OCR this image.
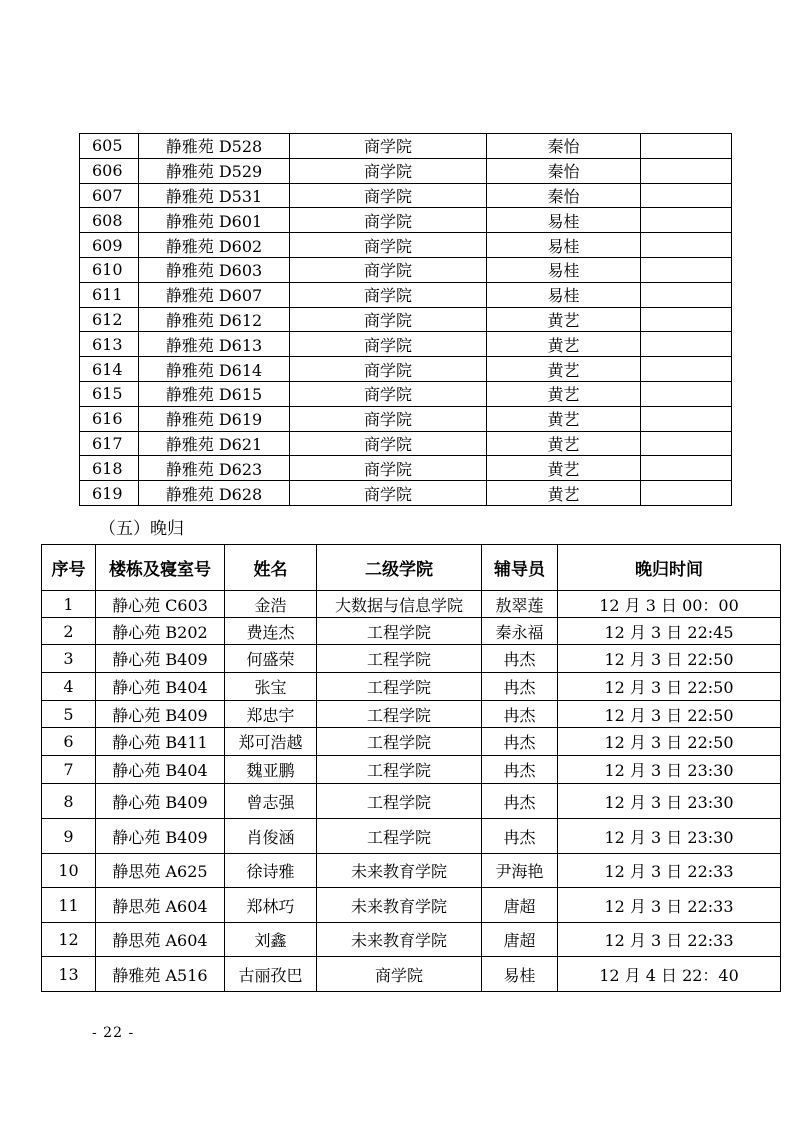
605	静雅苑 D528	商学院	秦怡	
606	静雅苑 D529	商学院	秦怡	
607	静雅苑 D531	商学院	秦怡	
608	静雅苑 D601	商学院	易桂	
609	静雅苑 D602	商学院	易桂	
610	静雅苑 D603	商学院	易桂	
611	静雅苑 D607	商学院	易桂	
612	静雅苑 D612	商学院	黄艺	
613	静雅苑 D613	商学院	黄艺	
614	静雅苑 D614	商学院	黄艺	
615	静雅苑 D615	商学院	黄艺	
616	静雅苑 D619	商学院	黄艺	
617	静雅苑 D621	商学院	黄艺	
618	静雅苑 D623	商学院	黄艺	
619	静雅苑 D628	商学院	黄艺	
（五）晚归
序号	楼栋及寝室号	姓名	二级学院	辅导员	晚归时间
1	静心苑 C603	金浩	大数据与信息学院	敖翠莲	12 月 3 日 00：00
2	静心苑 B202	费连杰	工程学院	秦永福	12 月 3 日 22:45
3	静心苑 B409	何盛荣	工程学院	冉杰	12 月 3 日 22:50
4	静心苑 B404	张宝	工程学院	冉杰	12 月 3 日 22:50
5	静心苑 B409	郑忠宇	工程学院	冉杰	12 月 3 日 22:50
6	静心苑 B411	郑可浩越	工程学院	冉杰	12 月 3 日 22:50
7	静心苑 B404	魏亚鹏	工程学院	冉杰	12 月 3 日 23:30
8	静心苑 B409	曾志强	工程学院	冉杰	12 月 3 日 23:30
9	静心苑 B409	肖俊涵	工程学院	冉杰	12 月 3 日 23:30
10	静思苑 A625	徐诗雅	未来教育学院	尹海艳	12 月 3 日 22:33
11	静思苑 A604	郑林巧	未来教育学院	唐超	12 月 3 日 22:33
12	静思苑 A604	刘鑫	未来教育学院	唐超	12 月 3 日 22:33
13	静雅苑 A516	古丽孜巴	商学院	易桂	12 月 4 日 22：40
- 22 -
